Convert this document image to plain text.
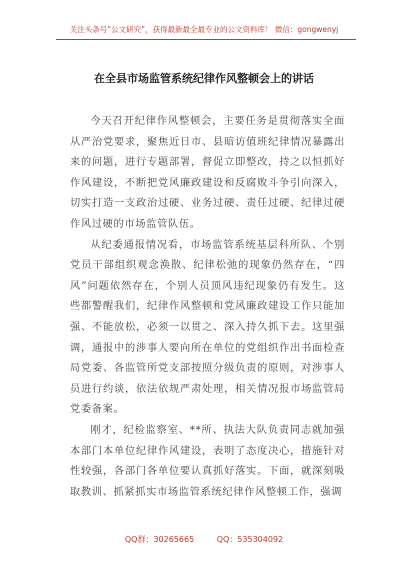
关注头条号“公文研究”，获得最新最全最专业的公文资料库！ 微信：gongwenyj
在全县市场监管系统纪律作风整顿会上的讲话

今天召开纪律作风整顿会，主要任务是贯彻落实全面从严治党要求，聚焦近日市、县暗访值班纪律情况暴露出来的问题，进行专题部署，督促立即整改，持之以恒抓好作风建设，不断把党风廉政建设和反腐败斗争引向深入，切实打造一支政治过硬、业务过硬、责任过硬、纪律过硬作风过硬的市场监管队伍。

从纪委通报情况看，市场监管系统基层科所队、个别党员干部组织观念涣散、纪律松弛的现象仍然存在，“四风”问题依然存在，个别人员顶风违纪现象仍有发生。这些都警醒我们，纪律作风整顿和党风廉政建设工作只能加强、不能放松，必须一以贯之、深入持久抓下去。这里强调，通报中的涉事人要向所在单位的党组织作出书面检查局党委、各监管所党支部按照分级负责的原则，对涉事人员进行约谈，依法依规严肃处理，相关情况报市场监管局党委备案。

刚才，纪检监察室、**所、执法大队负责同志就加强本部门本单位纪律作风建设，表明了态度决心，措施针对性较强，各部门各单位要认真抓好落实。下面，就深刻吸取教训、抓紧抓实市场监管系统纪律作风整顿工作，强调

QQ群：30265665	QQ：535304092
